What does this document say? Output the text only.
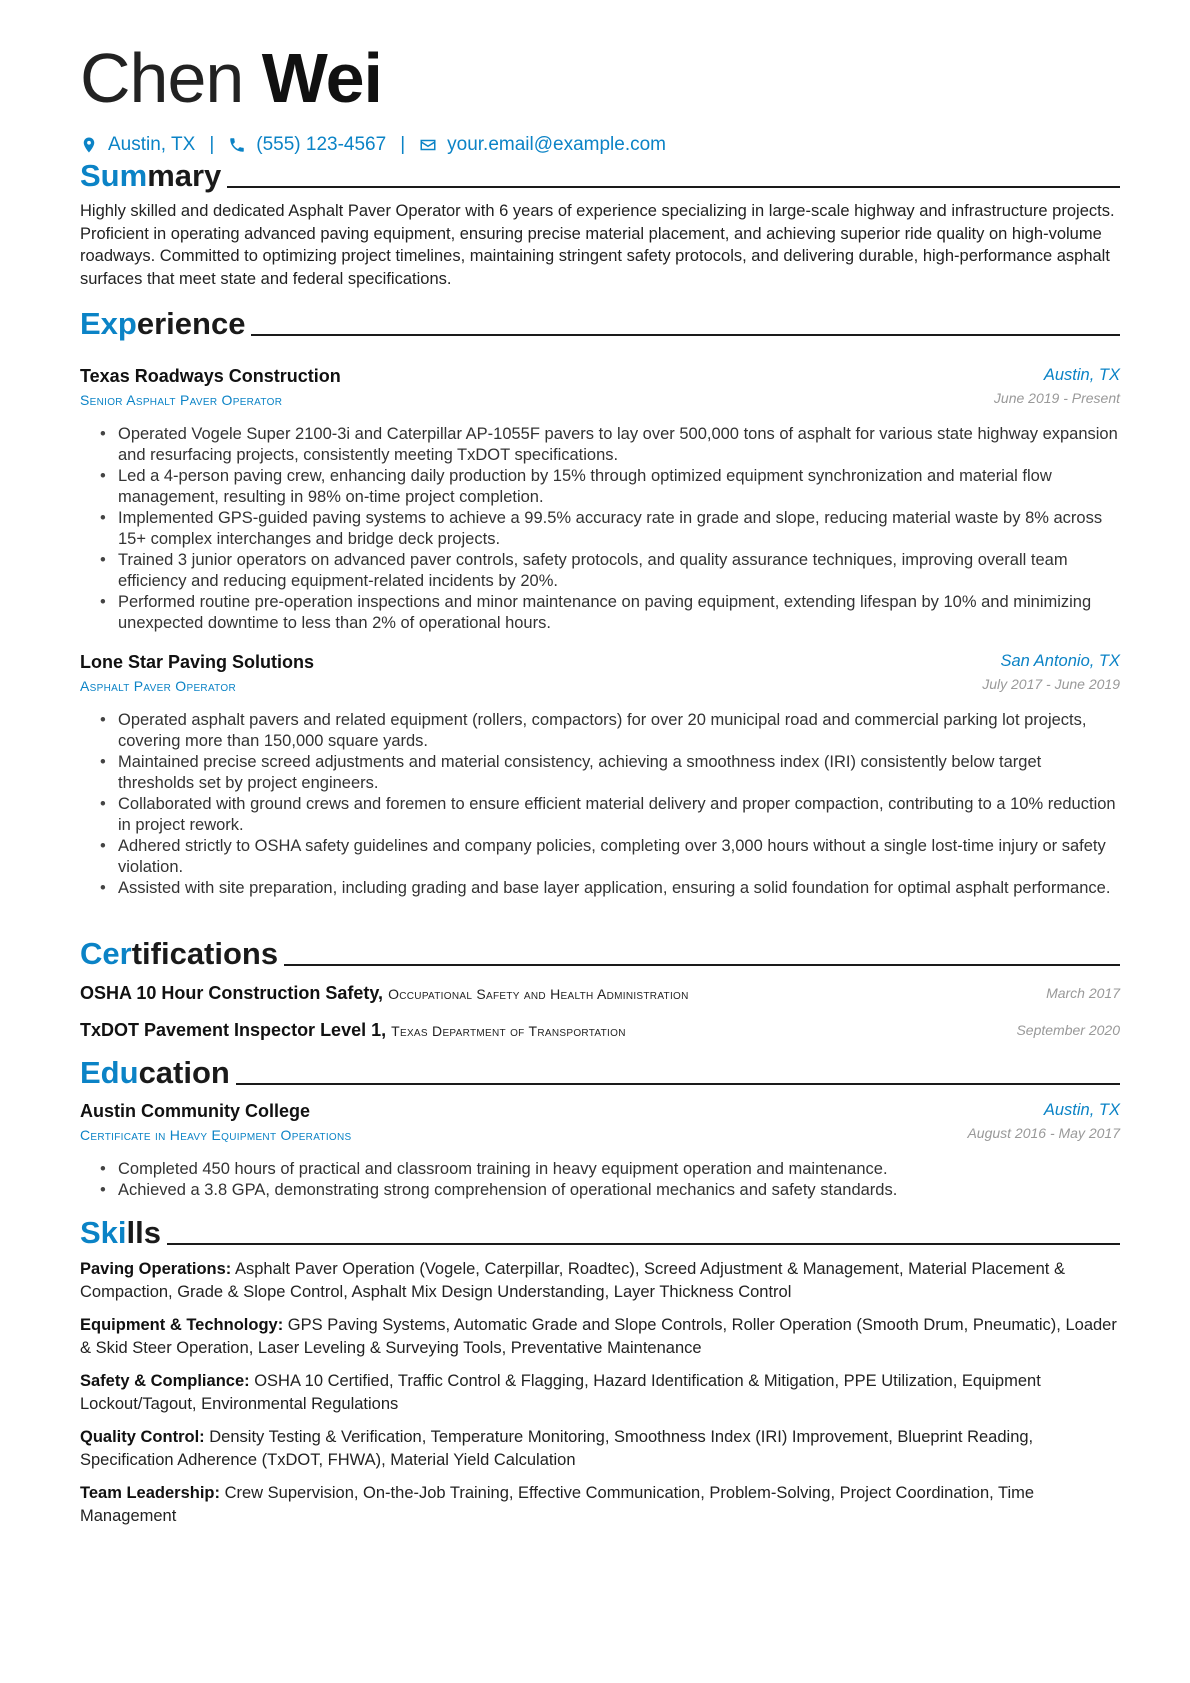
Chen Wei
Austin, TX | (555) 123-4567 | your.email@example.com
Summary
Highly skilled and dedicated Asphalt Paver Operator with 6 years of experience specializing in large-scale highway and infrastructure projects. Proficient in operating advanced paving equipment, ensuring precise material placement, and achieving superior ride quality on high-volume roadways. Committed to optimizing project timelines, maintaining stringent safety protocols, and delivering durable, high-performance asphalt surfaces that meet state and federal specifications.
Experience
Texas Roadways Construction	Austin, TX
Senior Asphalt Paver Operator	June 2019 - Present
• Operated Vogele Super 2100-3i and Caterpillar AP-1055F pavers to lay over 500,000 tons of asphalt for various state highway expansion and resurfacing projects, consistently meeting TxDOT specifications.
• Led a 4-person paving crew, enhancing daily production by 15% through optimized equipment synchronization and material flow management, resulting in 98% on-time project completion.
• Implemented GPS-guided paving systems to achieve a 99.5% accuracy rate in grade and slope, reducing material waste by 8% across 15+ complex interchanges and bridge deck projects.
• Trained 3 junior operators on advanced paver controls, safety protocols, and quality assurance techniques, improving overall team efficiency and reducing equipment-related incidents by 20%.
• Performed routine pre-operation inspections and minor maintenance on paving equipment, extending lifespan by 10% and minimizing unexpected downtime to less than 2% of operational hours.
Lone Star Paving Solutions	San Antonio, TX
Asphalt Paver Operator	July 2017 - June 2019
• Operated asphalt pavers and related equipment (rollers, compactors) for over 20 municipal road and commercial parking lot projects, covering more than 150,000 square yards.
• Maintained precise screed adjustments and material consistency, achieving a smoothness index (IRI) consistently below target thresholds set by project engineers.
• Collaborated with ground crews and foremen to ensure efficient material delivery and proper compaction, contributing to a 10% reduction in project rework.
• Adhered strictly to OSHA safety guidelines and company policies, completing over 3,000 hours without a single lost-time injury or safety violation.
• Assisted with site preparation, including grading and base layer application, ensuring a solid foundation for optimal asphalt performance.
Certifications
OSHA 10 Hour Construction Safety, Occupational Safety and Health Administration	March 2017
TxDOT Pavement Inspector Level 1, Texas Department of Transportation	September 2020
Education
Austin Community College	Austin, TX
Certificate in Heavy Equipment Operations	August 2016 - May 2017
• Completed 450 hours of practical and classroom training in heavy equipment operation and maintenance.
• Achieved a 3.8 GPA, demonstrating strong comprehension of operational mechanics and safety standards.
Skills
Paving Operations: Asphalt Paver Operation (Vogele, Caterpillar, Roadtec), Screed Adjustment & Management, Material Placement & Compaction, Grade & Slope Control, Asphalt Mix Design Understanding, Layer Thickness Control
Equipment & Technology: GPS Paving Systems, Automatic Grade and Slope Controls, Roller Operation (Smooth Drum, Pneumatic), Loader & Skid Steer Operation, Laser Leveling & Surveying Tools, Preventative Maintenance
Safety & Compliance: OSHA 10 Certified, Traffic Control & Flagging, Hazard Identification & Mitigation, PPE Utilization, Equipment Lockout/Tagout, Environmental Regulations
Quality Control: Density Testing & Verification, Temperature Monitoring, Smoothness Index (IRI) Improvement, Blueprint Reading, Specification Adherence (TxDOT, FHWA), Material Yield Calculation
Team Leadership: Crew Supervision, On-the-Job Training, Effective Communication, Problem-Solving, Project Coordination, Time Management
